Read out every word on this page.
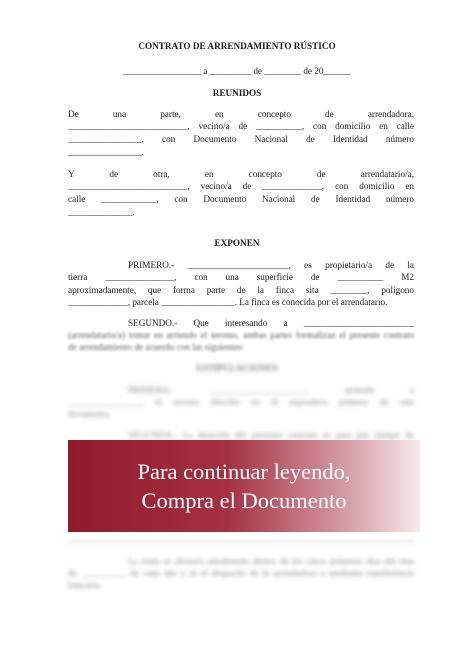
CONTRATO DE ARRENDAMIENTO RÚSTICO
_________________ a _________ de ________ de 20______
REUNIDOS
De una parte, en concepto de arrendadora,
__________________________, vecino/a de __________, con domicilio en calle
________________, con Documento Nacional de Identidad número
________________.
Y de otra, en concepto de arrendatario/a,
__________________________, vecino/a de _____________, con domicilio en
calle ____________, con Documento Nacional de Identidad número
______________.
EXPONEN
PRIMERO.- ______________________, es propietario/a de la
tierra _______________, con una superficie de __________ M2
aproximadamente, que forma parte de la finca sita ________, polígono
_____________, parcela ________________. La finca es conocida por el arrendatario.
SEGUNDO.- Que interesando a ________________________
(arrendatario/a) tomar en arriendo el terreno, ambas partes formalizan el presente contrato
de arrendamiento de acuerdo con las siguientes:
ESTIPULACIONES
PRIMERA.- _____________________, arrienda a
________________, el terreno descrito en el expositivo primero de este
documento.
SEGUNDA.- La duración del presente contrato es para por tiempo de
La renta se abonará anualmente dentro de los cinco primeros días del mes
de __________ de cada año y se el despacho de la arrendadora o mediante transferencia
bancaria.
Para continuar leyendo,
Compra el Documento
